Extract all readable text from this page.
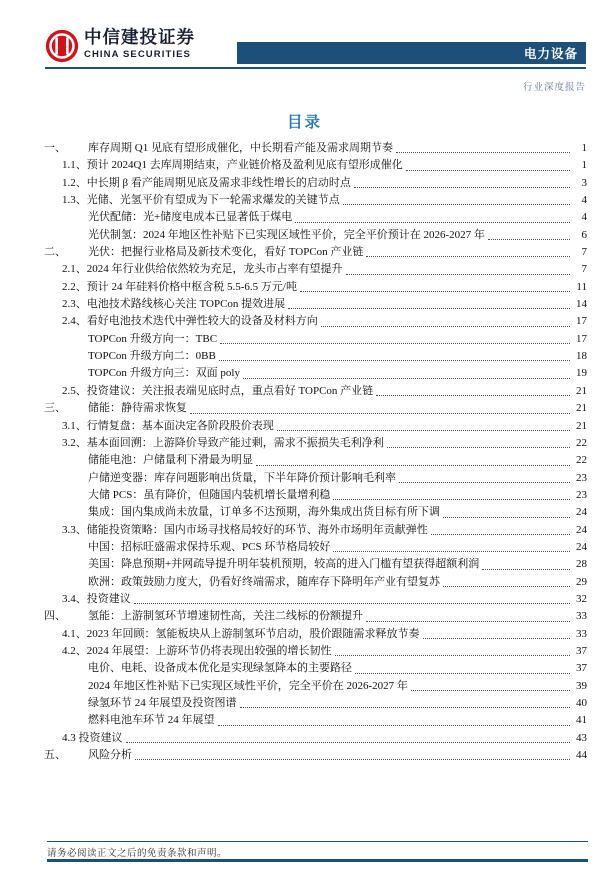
中信建投证券
CHINA SECURITIES	电力设备
行业深度报告
目录
一、	库存周期 Q1 见底有望形成催化，中长期看产能及需求周期节奏	1
1.1、 预计 2024Q1 去库周期结束，产业链价格及盈利见底有望形成催化	1
1.2、 中长期 β 看产能周期见底及需求非线性增长的启动时点	3
1.3、 光储、光氢平价有望成为下一轮需求爆发的关键节点	4
光伏配储：光+储度电成本已显著低于煤电	4
光伏制氢：2024 年地区性补贴下已实现区域性平价，完全平价预计在 2026-2027 年	6
二、	光伏：把握行业格局及新技术变化，看好 TOPCon 产业链	7
2.1、 2024 年行业供给依然较为充足，龙头市占率有望提升	7
2.2、 预计 24 年硅料价格中枢含税 5.5-6.5 万元/吨	11
2.3、 电池技术路线核心关注 TOPCon 提效进展	14
2.4、 看好电池技术迭代中弹性较大的设备及材料方向	17
TOPCon 升级方向一：TBC	17
TOPCon 升级方向二：0BB	18
TOPCon 升级方向三：双面 poly	19
2.5、 投资建议：关注报表端见底时点，重点看好 TOPCon 产业链	21
三、	储能：静待需求恢复	21
3.1、 行情复盘：基本面决定各阶段股价表现	21
3.2、 基本面回溯：上游降价导致产能过剩，需求不振损失毛利净利	22
储能电池：户储量利下滑最为明显	22
户储逆变器：库存问题影响出货量，下半年降价预计影响毛利率	23
大储 PCS：虽有降价，但随国内装机增长量增利稳	23
集成：国内集成尚未放量，订单多不达预期，海外集成出货目标有所下调	24
3.3、 储能投资策略：国内市场寻找格局较好的环节、海外市场明年贡献弹性	24
中国：招标旺盛需求保持乐观、PCS 环节格局较好	24
美国：降息预期+并网疏导提升明年装机预期，较高的进入门槛有望获得超额利润	28
欧洲：政策鼓励力度大，仍看好终端需求，随库存下降明年产业有望复苏	29
3.4、 投资建议	32
四、	氢能：上游制氢环节增速韧性高，关注二线标的份额提升	33
4.1、 2023 年回顾：氢能板块从上游制氢环节启动，股价跟随需求释放节奏	33
4.2、 2024 年展望：上游环节仍将表现出较强的增长韧性	37
电价、电耗、设备成本优化是实现绿氢降本的主要路径	37
2024 年地区性补贴下已实现区域性平价，完全平价在 2026-2027 年	39
绿氢环节 24 年展望及投资图谱	40
燃料电池车环节 24 年展望	41
4.3 投资建议	43
五、	风险分析	44
请务必阅读正文之后的免责条款和声明。
